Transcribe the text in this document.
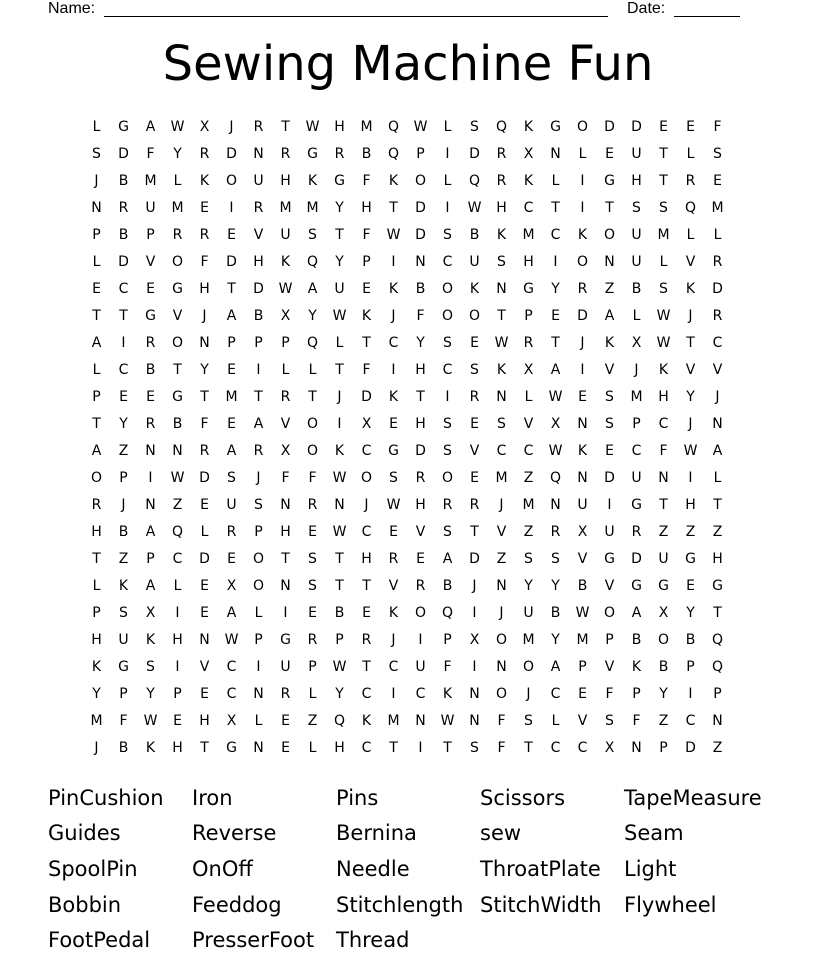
Name:	Date:
Sewing Machine Fun
L	G	A	W	X	J	R	T	W	H	M	Q	W	L	S	Q	K	G	O	D	D	E	E	F
S	D	F	Y	R	D	N	R	G	R	B	Q	P	I	D	R	X	N	L	E	U	T	L	S
J	B	M	L	K	O	U	H	K	G	F	K	O	L	Q	R	K	L	I	G	H	T	R	E
N	R	U	M	E	I	R	M	M	Y	H	T	D	I	W	H	C	T	I	T	S	S	Q	M
P	B	P	R	R	E	V	U	S	T	F	W	D	S	B	K	M	C	K	O	U	M	L	L
L	D	V	O	F	D	H	K	Q	Y	P	I	N	C	U	S	H	I	O	N	U	L	V	R
E	C	E	G	H	T	D	W	A	U	E	K	B	O	K	N	G	Y	R	Z	B	S	K	D
T	T	G	V	J	A	B	X	Y	W	K	J	F	O	O	T	P	E	D	A	L	W	J	R
A	I	R	O	N	P	P	P	Q	L	T	C	Y	S	E	W	R	T	J	K	X	W	T	C
L	C	B	T	Y	E	I	L	L	T	F	I	H	C	S	K	X	A	I	V	J	K	V	V
P	E	E	G	T	M	T	R	T	J	D	K	T	I	R	N	L	W	E	S	M	H	Y	J
T	Y	R	B	F	E	A	V	O	I	X	E	H	S	E	S	V	X	N	S	P	C	J	N
A	Z	N	N	R	A	R	X	O	K	C	G	D	S	V	C	C	W	K	E	C	F	W	A
O	P	I	W	D	S	J	F	F	W	O	S	R	O	E	M	Z	Q	N	D	U	N	I	L
R	J	N	Z	E	U	S	N	R	N	J	W	H	R	R	J	M	N	U	I	G	T	H	T
H	B	A	Q	L	R	P	H	E	W	C	E	V	S	T	V	Z	R	X	U	R	Z	Z	Z
T	Z	P	C	D	E	O	T	S	T	H	R	E	A	D	Z	S	S	V	G	D	U	G	H
L	K	A	L	E	X	O	N	S	T	T	V	R	B	J	N	Y	Y	B	V	G	G	E	G
P	S	X	I	E	A	L	I	E	B	E	K	O	Q	I	J	U	B	W	O	A	X	Y	T
H	U	K	H	N	W	P	G	R	P	R	J	I	P	X	O	M	Y	M	P	B	O	B	Q
K	G	S	I	V	C	I	U	P	W	T	C	U	F	I	N	O	A	P	V	K	B	P	Q
Y	P	Y	P	E	C	N	R	L	Y	C	I	C	K	N	O	J	C	E	F	P	Y	I	P
M	F	W	E	H	X	L	E	Z	Q	K	M	N	W	N	F	S	L	V	S	F	Z	C	N
J	B	K	H	T	G	N	E	L	H	C	T	I	T	S	F	T	C	C	X	N	P	D	Z
PinCushion	Iron	Pins	Scissors	TapeMeasure
Guides	Reverse	Bernina	sew	Seam
SpoolPin	OnOff	Needle	ThroatPlate	Light
Bobbin	Feeddog	Stitchlength StitchWidth	Flywheel
FootPedal	PresserFoot	Thread
